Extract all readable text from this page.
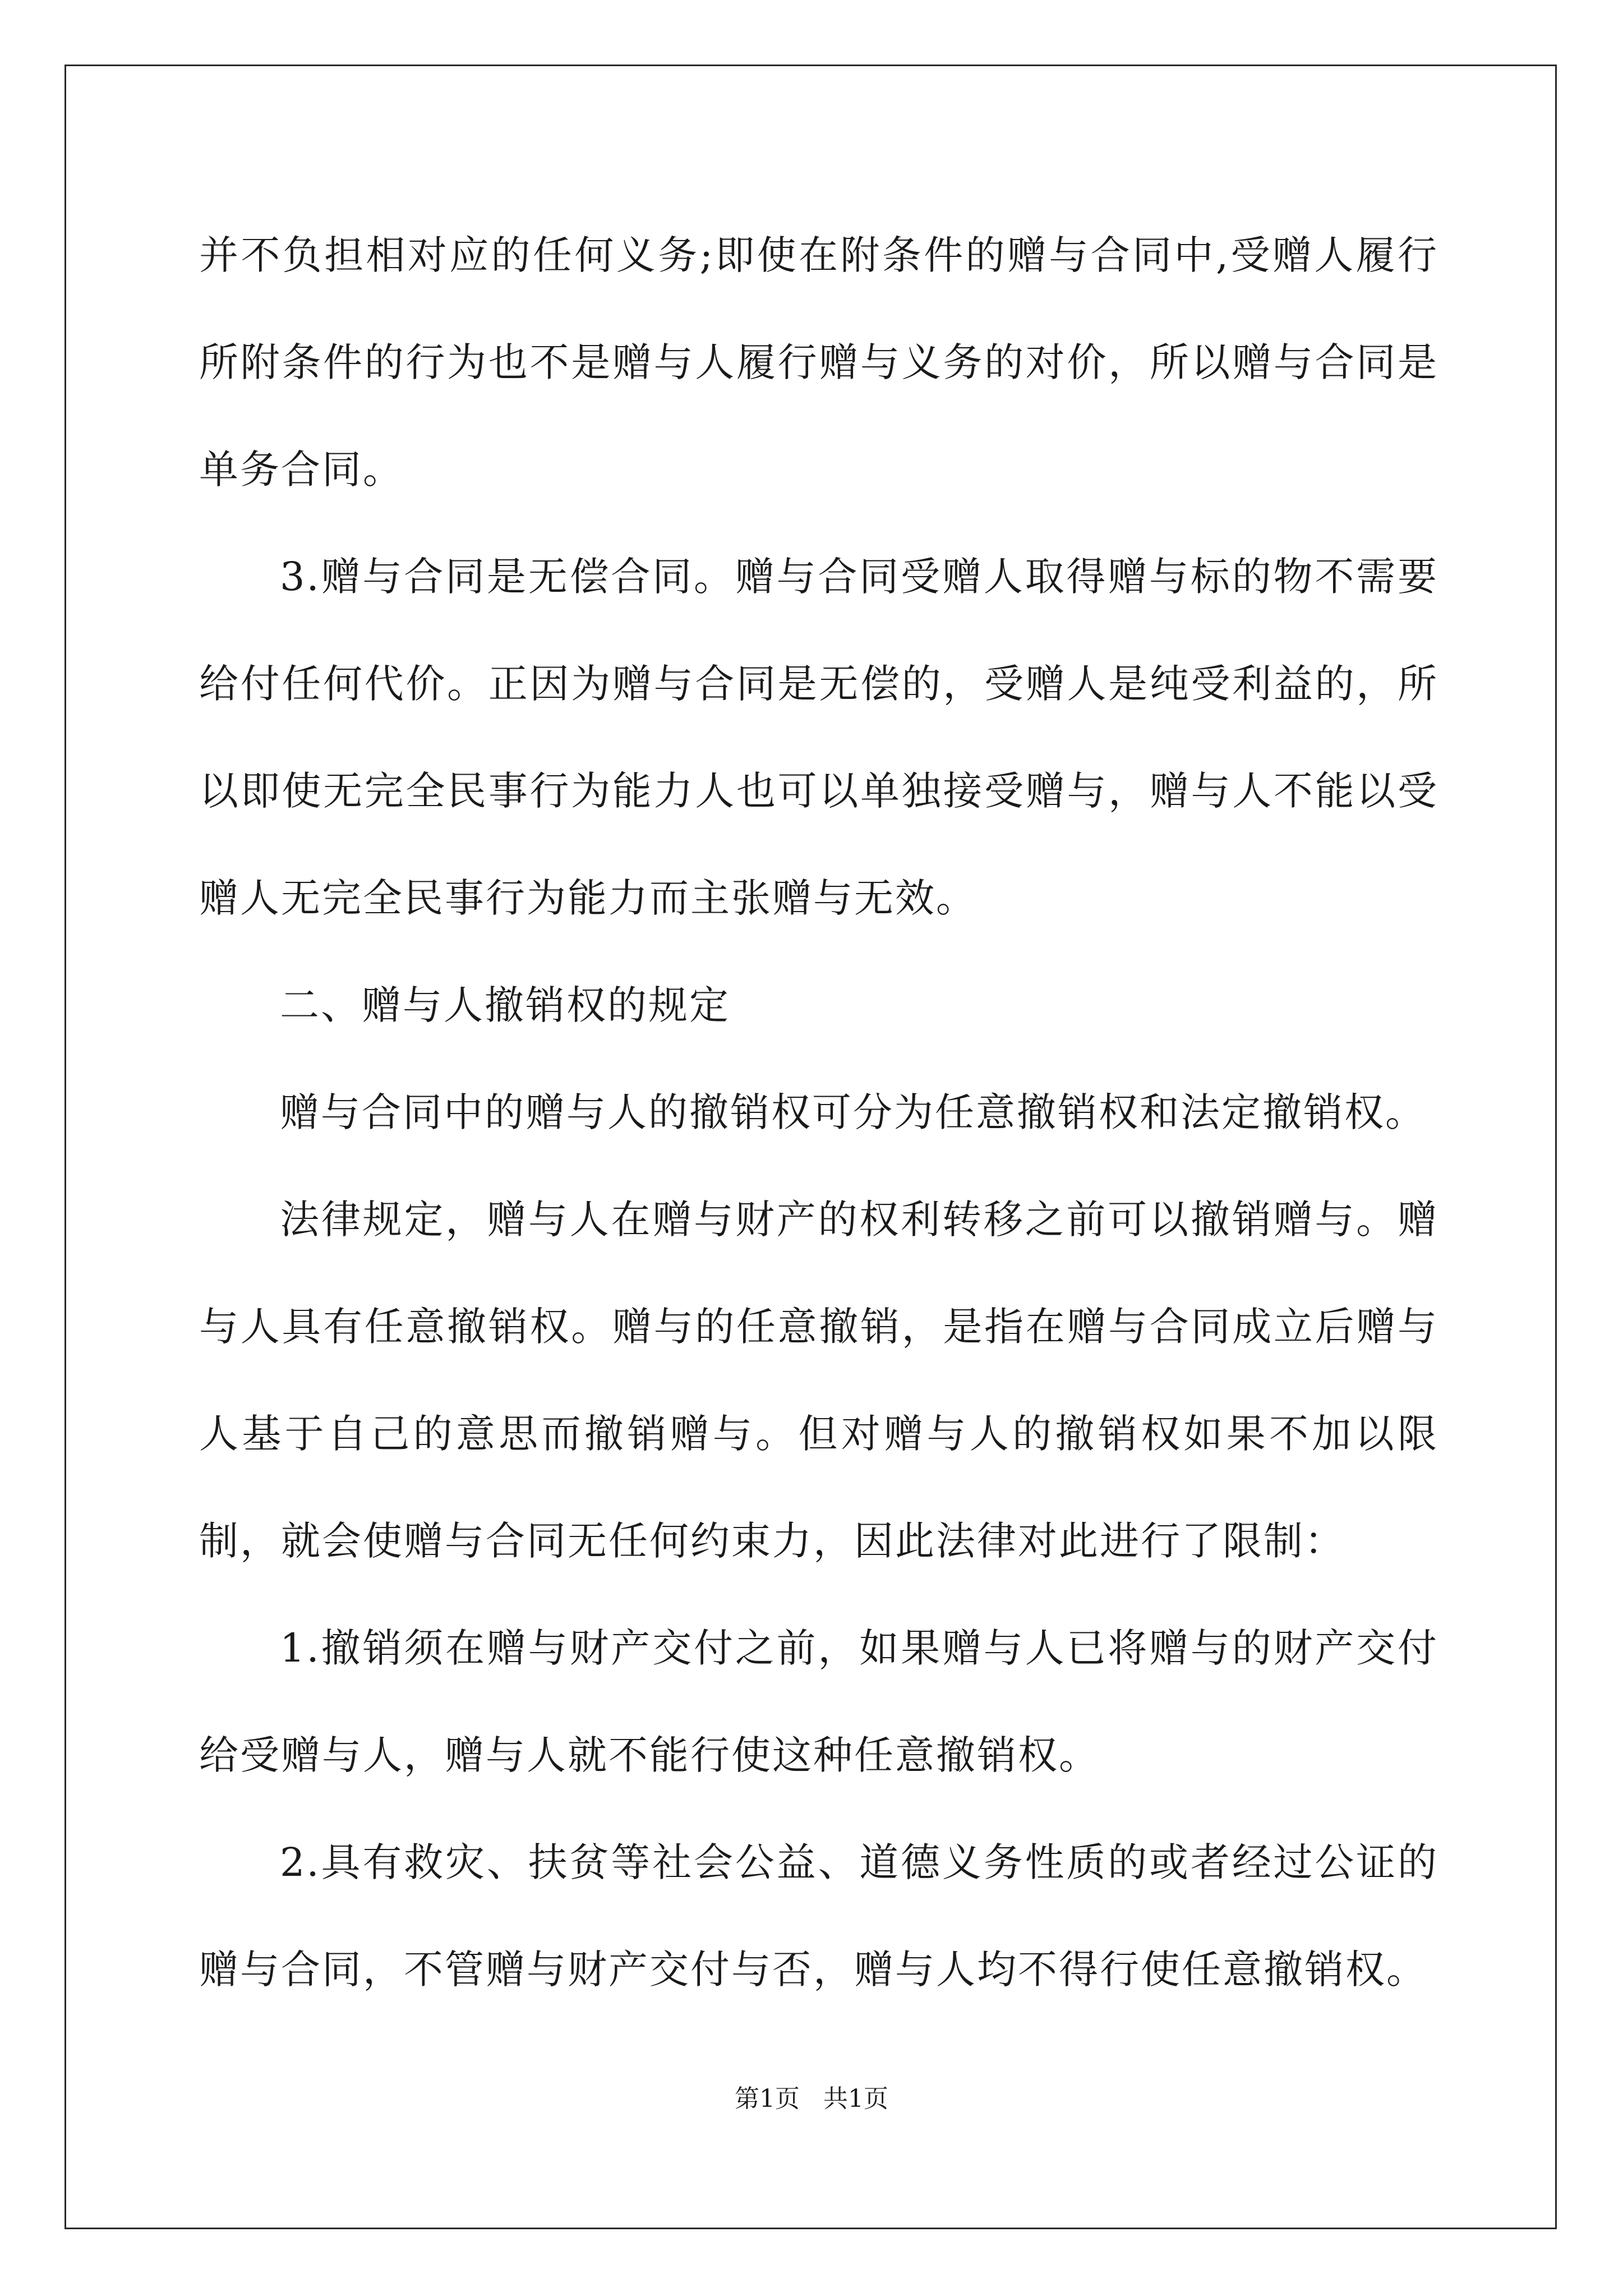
并不负担相对应的任何义务;即使在附条件的赠与合同中,受赠人履行所附条件的行为也不是赠与人履行赠与义务的对价，所以赠与合同是单务合同。

3.赠与合同是无偿合同。赠与合同受赠人取得赠与标的物不需要给付任何代价。正因为赠与合同是无偿的，受赠人是纯受利益的，所以即使无完全民事行为能力人也可以单独接受赠与，赠与人不能以受赠人无完全民事行为能力而主张赠与无效。

二、赠与人撤销权的规定

赠与合同中的赠与人的撤销权可分为任意撤销权和法定撤销权。

法律规定，赠与人在赠与财产的权利转移之前可以撤销赠与。赠与人具有任意撤销权。赠与的任意撤销，是指在赠与合同成立后赠与人基于自己的意思而撤销赠与。但对赠与人的撤销权如果不加以限制，就会使赠与合同无任何约束力，因此法律对此进行了限制：

1.撤销须在赠与财产交付之前，如果赠与人已将赠与的财产交付给受赠与人，赠与人就不能行使这种任意撤销权。

2.具有救灾、扶贫等社会公益、道德义务性质的或者经过公证的赠与合同，不管赠与财产交付与否，赠与人均不得行使任意撤销权。

第1页 共1页
